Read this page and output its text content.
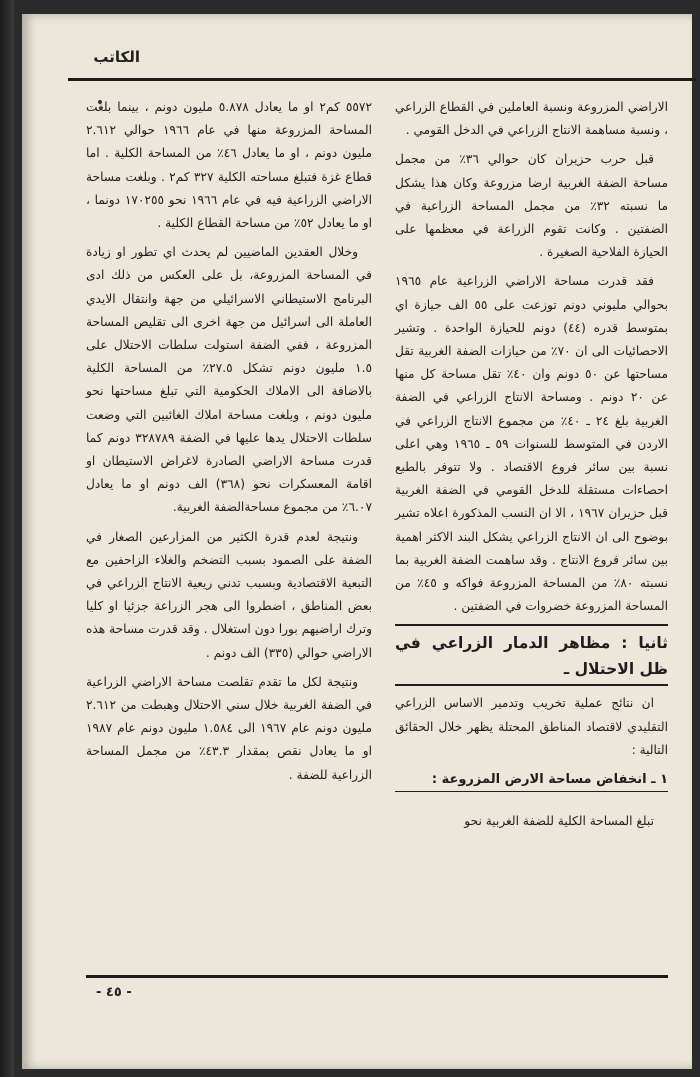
الكاتب

الاراضي المزروعة ونسبة العاملين في القطاع الزراعي ، ونسبة مساهمة الانتاج الزراعي في الدخل القومي .

قبل حرب حزيران كان حوالي ٣٦٪ من مجمل مساحة الضفة الغربية ارضا مزروعة وكان هذا يشكل ما نسبته ٣٢٪ من مجمل المساحة الزراعية في الضفتين . وكانت تقوم الزراعة في معظمها على الحيازة الفلاحية الصغيرة .

فقد قدرت مساحة الاراضي الزراعية عام ١٩٦٥ بحوالي مليوني دونم توزعت على ٥٥ الف حيازة اي بمتوسط قدره (٤٤) دونم للحيازة الواحدة . وتشير الاحصائيات الى ان ٧٠٪ من حيازات الضفة الغربية تقل مساحتها عن ٥٠ دونم وان ٤٠٪ تقل مساحة كل منها عن ٢٠ دونم . ومساحة الانتاج الزراعي في الضفة الغربية بلغ ٢٤ ـ ٤٠٪ من مجموع الانتاج الزراعي في الاردن في المتوسط للسنوات ٥٩ ـ ١٩٦٥ وهي اعلى نسبة بين سائر فروع الاقتصاد . ولا تتوفر بالطبع احصاءات مستقلة للدخل القومي في الضفة الغربية قبل حزيران ١٩٦٧ ، الا ان النسب المذكورة اعلاه تشير بوضوح الى ان الانتاج الزراعي يشكل البند الاكثر اهمية بين سائر فروع الانتاج . وقد ساهمت الضفة الغربية بما نسبته ٨٠٪ من المساحة المزروعة فواكه و ٤٥٪ من المساحة المزروعة خضروات في الضفتين .

ثانيا : مظاهر الدمار الزراعي في ظل الاحتلال ـ

ان نتائج عملية تخريب وتدمير الاساس الزراعي التقليدي لاقتصاد المناطق المحتلة يظهر خلال الحقائق التالية :

١ ـ انخفاض مساحة الارض المزروعة :

تبلغ المساحة الكلية للضفة الغربية نحو

٥٥٧٢ كم٢ او ما يعادل ٥.٨٧٨ مليون دونم ، بينما بلغت المساحة المزروعة منها في عام ١٩٦٦ حوالي ٢.٦١٢ مليون دونم ، او ما يعادل ٤٦٪ من المساحة الكلية . اما قطاع غزة فتبلغ مساحته الكلية ٣٢٧ كم٢ . وبلغت مساحة الاراضي الزراعية فيه في عام ١٩٦٦ نحو ١٧٠٢٥٥ دونما ، او ما يعادل ٥٢٪ من مساحة القطاع الكلية .

وخلال العقدين الماضيين لم يحدث اي تطور او زيادة في المساحة المزروعة، بل على العكس من ذلك ادى البرنامج الاستيطاني الاسرائيلي من جهة وانتقال الايدي العاملة الى اسرائيل من جهة اخرى الى تقليص المساحة المزروعة ، ففي الضفة استولت سلطات الاحتلال على ١.٥ مليون دونم تشكل ٢٧.٥٪ من المساحة الكلية بالاضافة الى الاملاك الحكومية التي تبلغ مساحتها نحو مليون دونم ، وبلغت مساحة املاك الغائبين التي وضعت سلطات الاحتلال يدها عليها في الضفة ٣٢٨٧٨٩ دونم كما قدرت مساحة الاراضي الصادرة لاغراض الاستيطان او اقامة المعسكرات نحو (٣٦٨) الف دونم او ما يعادل ٦.٠٧٪ من مجموع مساحةالضفة الغربية.

ونتيجة لعدم قدرة الكثير من المزارعين الصغار في الضفة على الصمود بسبب التضخم والغلاء الزاحفين مع التبعية الاقتصادية وبسبب تدني ريعية الانتاج الزراعي في بعض المناطق ، اضطروا الى هجر الزراعة جزئيا او كليا وترك اراضيهم بورا دون استغلال . وقد قدرت مساحة هذه الاراضي حوالي (٣٣٥) الف دونم .

ونتيجة لكل ما تقدم تقلصت مساحة الاراضي الزراعية في الضفة الغربية خلال سني الاحتلال وهبطت من ٢.٦١٢ مليون دونم عام ١٩٦٧ الى ١.٥٨٤ مليون دونم عام ١٩٨٧ او ما يعادل نقص بمقدار ٤٣.٣٪ من مجمل المساحة الزراعية للضفة .

- ٤٥ -
